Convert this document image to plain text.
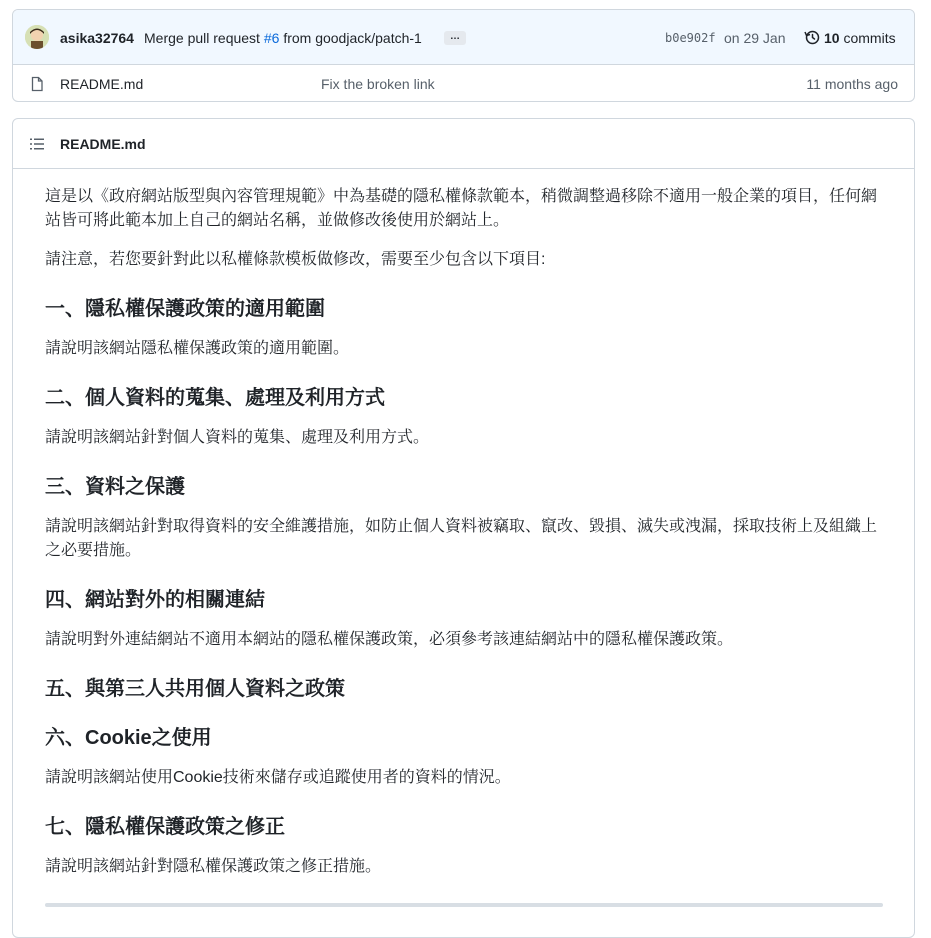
asika32764 Merge pull request #6 from goodjack/patch-1	…	b0e902f on 29 Jan	10 commits
README.md	Fix the broken link	11 months ago
README.md

這是以《政府網站版型與內容管理規範》中為基礎的隱私權條款範本，稍微調整過移除不適用一般企業的項目，任何網站皆可將此範本加上自己的網站名稱，並做修改後使用於網站上。

請注意，若您要針對此以私權條款模板做修改，需要至少包含以下項目:

一、隱私權保護政策的適用範圍

請說明該網站隱私權保護政策的適用範圍。

二、個人資料的蒐集、處理及利用方式

請說明該網站針對個人資料的蒐集、處理及利用方式。

三、資料之保護

請說明該網站針對取得資料的安全維護措施，如防止個人資料被竊取、竄改、毀損、滅失或洩漏，採取技術上及組織上之必要措施。

四、網站對外的相關連結

請說明對外連結網站不適用本網站的隱私權保護政策，必須參考該連結網站中的隱私權保護政策。

五、與第三人共用個人資料之政策
六、Cookie之使用

請說明該網站使用Cookie技術來儲存或追蹤使用者的資料的情況。

七、隱私權保護政策之修正

請說明該網站針對隱私權保護政策之修正措施。
